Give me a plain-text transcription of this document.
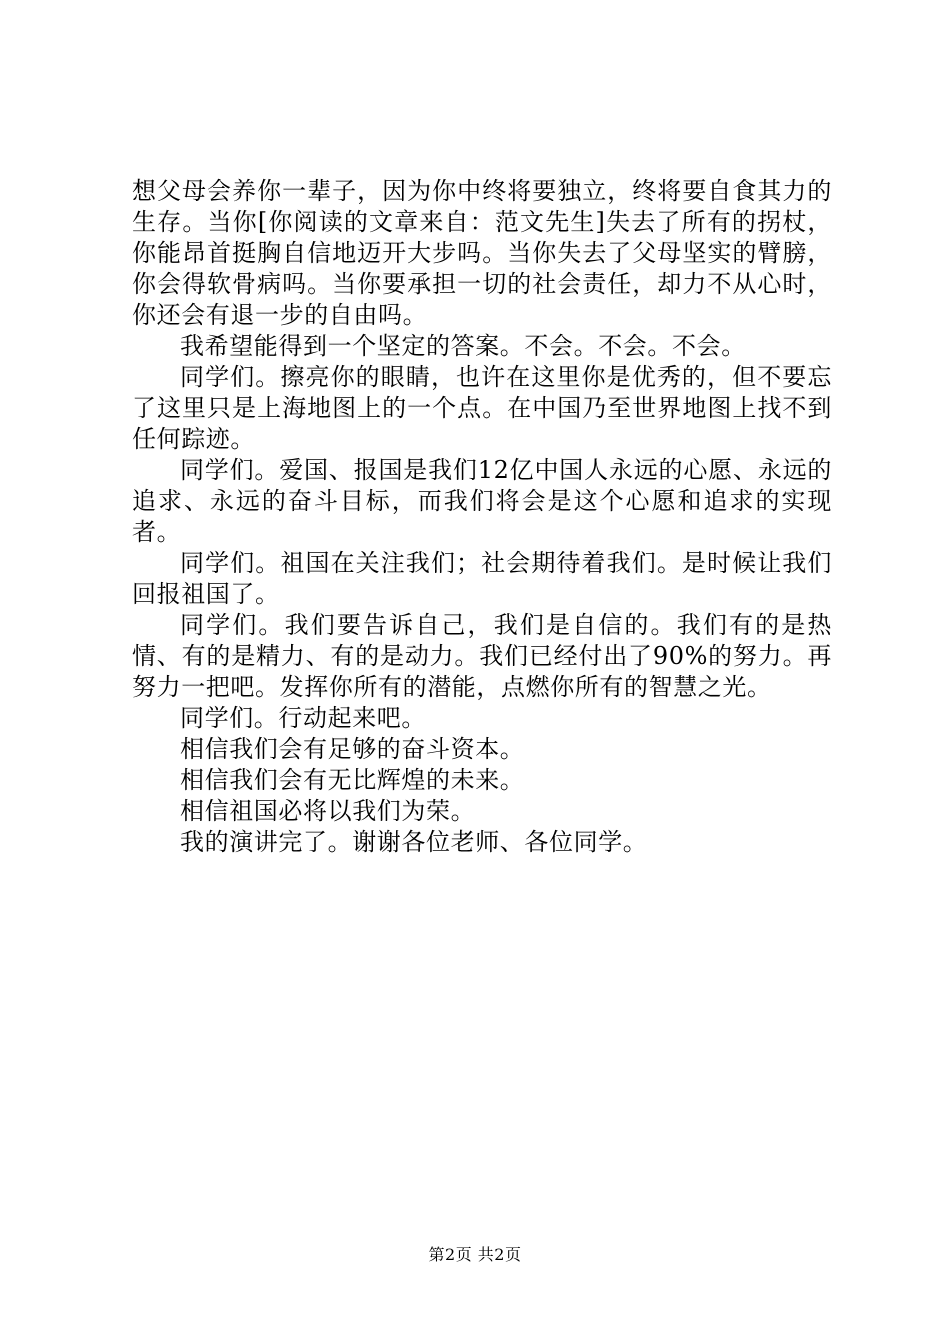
想父母会养你一辈子，因为你中终将要独立，终将要自食其力的生存。当你[你阅读的文章来自：范文先生]失去了所有的拐杖，你能昂首挺胸自信地迈开大步吗。当你失去了父母坚实的臂膀，你会得软骨病吗。当你要承担一切的社会责任，却力不从心时，你还会有退一步的自由吗。

我希望能得到一个坚定的答案。不会。不会。不会。

同学们。擦亮你的眼睛，也许在这里你是优秀的，但不要忘了这里只是上海地图上的一个点。在中国乃至世界地图上找不到任何踪迹。

同学们。爱国、报国是我们12亿中国人永远的心愿、永远的追求、永远的奋斗目标，而我们将会是这个心愿和追求的实现者。

同学们。祖国在关注我们；社会期待着我们。是时候让我们回报祖国了。

同学们。我们要告诉自己，我们是自信的。我们有的是热情、有的是精力、有的是动力。我们已经付出了90%的努力。再努力一把吧。发挥你所有的潜能，点燃你所有的智慧之光。

同学们。行动起来吧。

相信我们会有足够的奋斗资本。

相信我们会有无比辉煌的未来。

相信祖国必将以我们为荣。

我的演讲完了。谢谢各位老师、各位同学。

第2页 共2页
